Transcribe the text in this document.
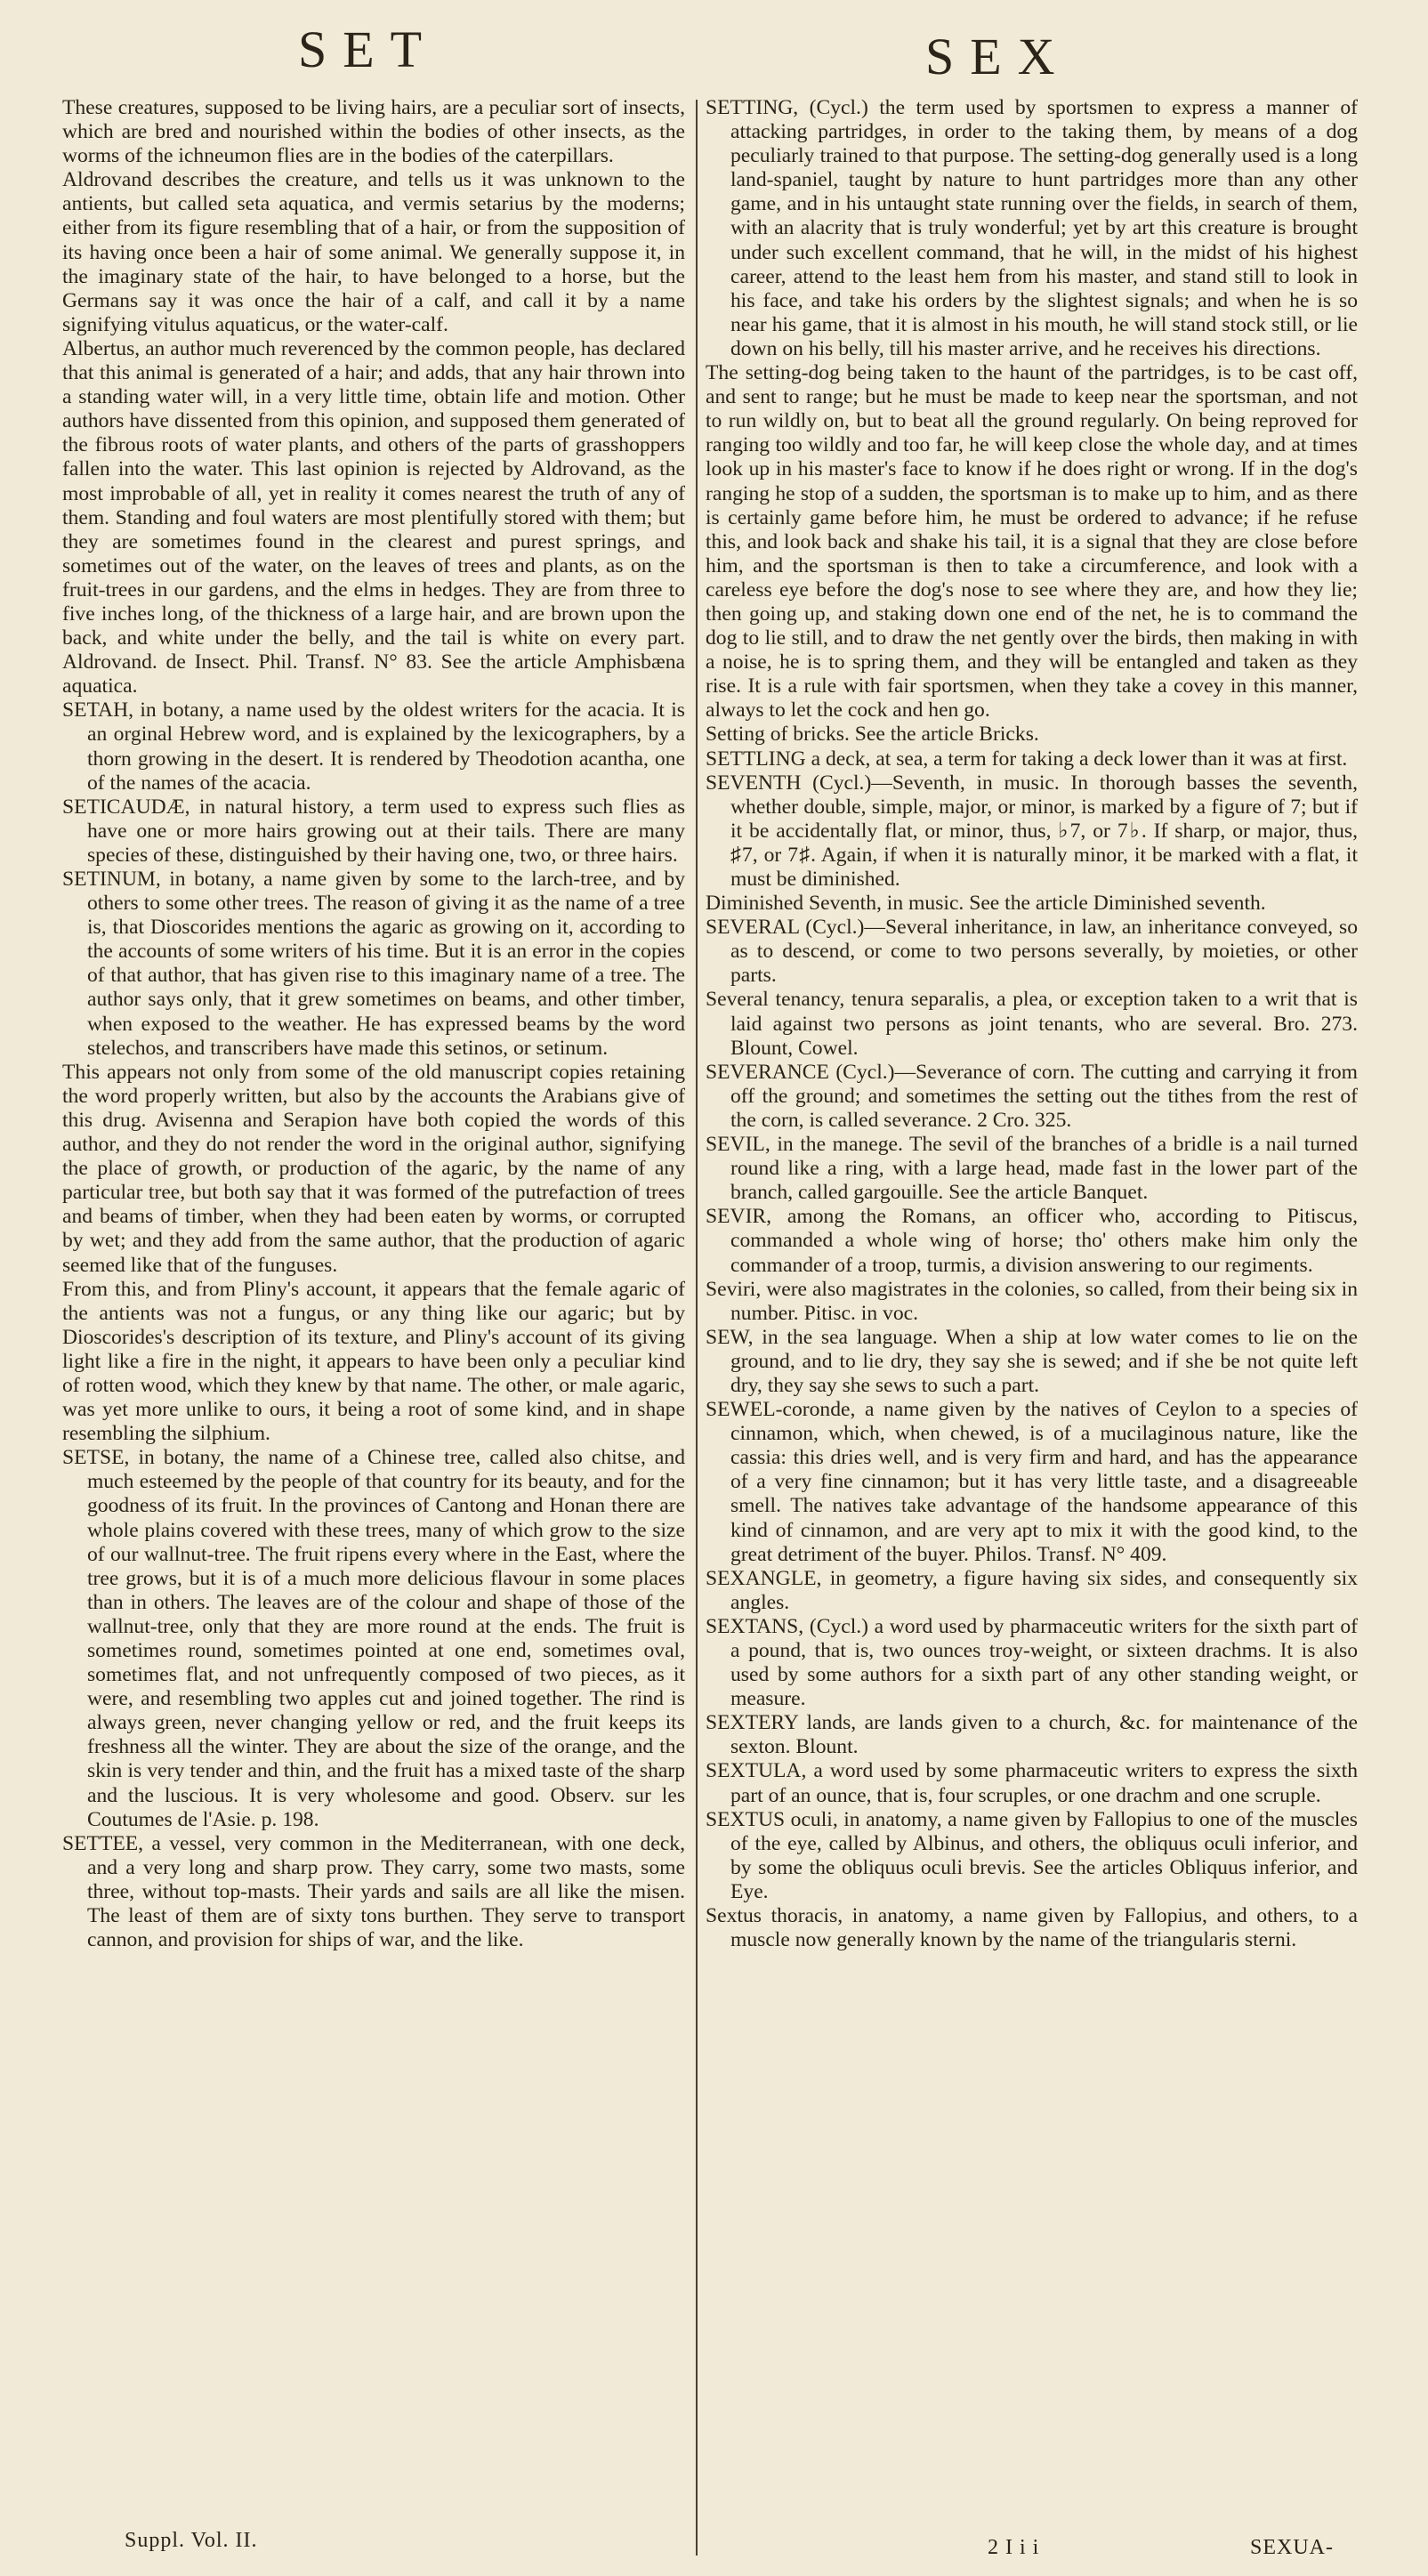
SET	SEX

These creatures, supposed to be living hairs, are a peculiar sort of insects, which are bred and nourished within the bodies of other insects, as the worms of the ichneumon flies are in the bodies of the caterpillars.

Aldrovand describes the creature, and tells us it was unknown to the antients, but called seta aquatica, and vermis setarius by the moderns; either from its figure resembling that of a hair, or from the supposition of its having once been a hair of some animal. We generally suppose it, in the imaginary state of the hair, to have belonged to a horse, but the Germans say it was once the hair of a calf, and call it by a name signifying vitulus aquaticus, or the water-calf.

Albertus, an author much reverenced by the common people, has declared that this animal is generated of a hair; and adds, that any hair thrown into a standing water will, in a very little time, obtain life and motion. Other authors have dissented from this opinion, and supposed them generated of the fibrous roots of water plants, and others of the parts of grasshoppers fallen into the water. This last opinion is rejected by Aldrovand, as the most improbable of all, yet in reality it comes nearest the truth of any of them. Standing and foul waters are most plentifully stored with them; but they are sometimes found in the clearest and purest springs, and sometimes out of the water, on the leaves of trees and plants, as on the fruit-trees in our gardens, and the elms in hedges. They are from three to five inches long, of the thickness of a large hair, and are brown upon the back, and white under the belly, and the tail is white on every part. Aldrovand. de Insect. Phil. Transf. N° 83. See the article Amphisbæna aquatica.

SETAH, in botany, a name used by the oldest writers for the acacia. It is an orginal Hebrew word, and is explained by the lexicographers, by a thorn growing in the desert. It is rendered by Theodotion acantha, one of the names of the acacia.

SETICAUDÆ, in natural history, a term used to express such flies as have one or more hairs growing out at their tails. There are many species of these, distinguished by their having one, two, or three hairs.

SETINUM, in botany, a name given by some to the larch-tree, and by others to some other trees. The reason of giving it as the name of a tree is, that Dioscorides mentions the agaric as growing on it, according to the accounts of some writers of his time. But it is an error in the copies of that author, that has given rise to this imaginary name of a tree. The author says only, that it grew sometimes on beams, and other timber, when exposed to the weather. He has expressed beams by the word stelechos, and transcribers have made this setinos, or setinum.

This appears not only from some of the old manuscript copies retaining the word properly written, but also by the accounts the Arabians give of this drug. Avisenna and Serapion have both copied the words of this author, and they do not render the word in the original author, signifying the place of growth, or production of the agaric, by the name of any particular tree, but both say that it was formed of the putrefaction of trees and beams of timber, when they had been eaten by worms, or corrupted by wet; and they add from the same author, that the production of agaric seemed like that of the funguses.

From this, and from Pliny's account, it appears that the female agaric of the antients was not a fungus, or any thing like our agaric; but by Dioscorides's description of its texture, and Pliny's account of its giving light like a fire in the night, it appears to have been only a peculiar kind of rotten wood, which they knew by that name. The other, or male agaric, was yet more unlike to ours, it being a root of some kind, and in shape resembling the silphium.

SETSE, in botany, the name of a Chinese tree, called also chitse, and much esteemed by the people of that country for its beauty, and for the goodness of its fruit. In the provinces of Cantong and Honan there are whole plains covered with these trees, many of which grow to the size of our wallnut-tree. The fruit ripens every where in the East, where the tree grows, but it is of a much more delicious flavour in some places than in others. The leaves are of the colour and shape of those of the wallnut-tree, only that they are more round at the ends. The fruit is sometimes round, sometimes pointed at one end, sometimes oval, sometimes flat, and not unfrequently composed of two pieces, as it were, and resembling two apples cut and joined together. The rind is always green, never changing yellow or red, and the fruit keeps its freshness all the winter. They are about the size of the orange, and the skin is very tender and thin, and the fruit has a mixed taste of the sharp and the luscious. It is very wholesome and good. Observ. sur les Coutumes de l'Asie. p. 198.

SETTEE, a vessel, very common in the Mediterranean, with one deck, and a very long and sharp prow. They carry, some two masts, some three, without top-masts. Their yards and sails are all like the misen. The least of them are of sixty tons burthen. They serve to transport cannon, and provision for ships of war, and the like.

SETTING, (Cycl.) the term used by sportsmen to express a manner of attacking partridges, in order to the taking them, by means of a dog peculiarly trained to that purpose. The setting-dog generally used is a long land-spaniel, taught by nature to hunt partridges more than any other game, and in his untaught state running over the fields, in search of them, with an alacrity that is truly wonderful; yet by art this creature is brought under such excellent command, that he will, in the midst of his highest career, attend to the least hem from his master, and stand still to look in his face, and take his orders by the slightest signals; and when he is so near his game, that it is almost in his mouth, he will stand stock still, or lie down on his belly, till his master arrive, and he receives his directions.

The setting-dog being taken to the haunt of the partridges, is to be cast off, and sent to range; but he must be made to keep near the sportsman, and not to run wildly on, but to beat all the ground regularly. On being reproved for ranging too wildly and too far, he will keep close the whole day, and at times look up in his master's face to know if he does right or wrong. If in the dog's ranging he stop of a sudden, the sportsman is to make up to him, and as there is certainly game before him, he must be ordered to advance; if he refuse this, and look back and shake his tail, it is a signal that they are close before him, and the sportsman is then to take a circumference, and look with a careless eye before the dog's nose to see where they are, and how they lie; then going up, and staking down one end of the net, he is to command the dog to lie still, and to draw the net gently over the birds, then making in with a noise, he is to spring them, and they will be entangled and taken as they rise. It is a rule with fair sportsmen, when they take a covey in this manner, always to let the cock and hen go.

Setting of bricks. See the article Bricks.

SETTLING a deck, at sea, a term for taking a deck lower than it was at first.

SEVENTH (Cycl.)—Seventh, in music. In thorough basses the seventh, whether double, simple, major, or minor, is marked by a figure of 7; but if it be accidentally flat, or minor, thus, ♭7, or 7♭. If sharp, or major, thus, ♯7, or 7♯. Again, if when it is naturally minor, it be marked with a flat, it must be diminished.

Diminished Seventh, in music. See the article Diminished seventh.

SEVERAL (Cycl.)—Several inheritance, in law, an inheritance conveyed, so as to descend, or come to two persons severally, by moieties, or other parts.

Several tenancy, tenura separalis, a plea, or exception taken to a writ that is laid against two persons as joint tenants, who are several. Bro. 273. Blount, Cowel.

SEVERANCE (Cycl.)—Severance of corn. The cutting and carrying it from off the ground; and sometimes the setting out the tithes from the rest of the corn, is called severance. 2 Cro. 325.

SEVIL, in the manege. The sevil of the branches of a bridle is a nail turned round like a ring, with a large head, made fast in the lower part of the branch, called gargouille. See the article Banquet.

SEVIR, among the Romans, an officer who, according to Pitiscus, commanded a whole wing of horse; tho' others make him only the commander of a troop, turmis, a division answering to our regiments.

Seviri, were also magistrates in the colonies, so called, from their being six in number. Pitisc. in voc.

SEW, in the sea language. When a ship at low water comes to lie on the ground, and to lie dry, they say she is sewed; and if she be not quite left dry, they say she sews to such a part.

SEWEL-coronde, a name given by the natives of Ceylon to a species of cinnamon, which, when chewed, is of a mucilaginous nature, like the cassia: this dries well, and is very firm and hard, and has the appearance of a very fine cinnamon; but it has very little taste, and a disagreeable smell. The natives take advantage of the handsome appearance of this kind of cinnamon, and are very apt to mix it with the good kind, to the great detriment of the buyer. Philos. Transf. N° 409.

SEXANGLE, in geometry, a figure having six sides, and consequently six angles.

SEXTANS, (Cycl.) a word used by pharmaceutic writers for the sixth part of a pound, that is, two ounces troy-weight, or sixteen drachms. It is also used by some authors for a sixth part of any other standing weight, or measure.

SEXTERY lands, are lands given to a church, &c. for maintenance of the sexton. Blount.

SEXTULA, a word used by some pharmaceutic writers to express the sixth part of an ounce, that is, four scruples, or one drachm and one scruple.

SEXTUS oculi, in anatomy, a name given by Fallopius to one of the muscles of the eye, called by Albinus, and others, the obliquus oculi inferior, and by some the obliquus oculi brevis. See the articles Obliquus inferior, and Eye.

Sextus thoracis, in anatomy, a name given by Fallopius, and others, to a muscle now generally known by the name of the triangularis sterni.

Suppl. Vol. II.	2 I i i	SEXUA-
